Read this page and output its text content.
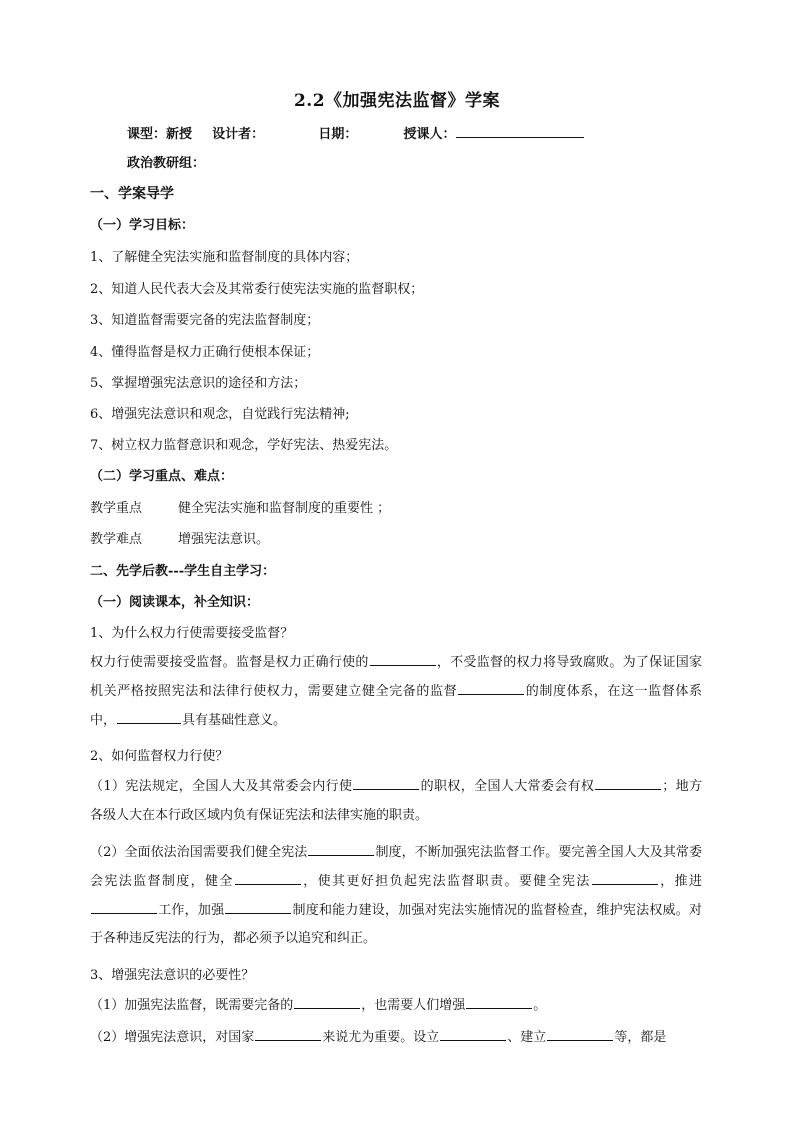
2.2《加强宪法监督》学案
课型：新授 设计者：	日期：	授课人：
政治教研组：
一、学案导学
（一）学习目标：
1、了解健全宪法实施和监督制度的具体内容；
2、知道人民代表大会及其常委行使宪法实施的监督职权；
3、知道监督需要完备的宪法监督制度；
4、懂得监督是权力正确行使根本保证；
5、掌握增强宪法意识的途径和方法；
6、增强宪法意识和观念，自觉践行宪法精神;
7、树立权力监督意识和观念，学好宪法、热爱宪法。
（二）学习重点、难点：
教学重点	健全宪法实施和监督制度的重要性 ；
教学难点	增强宪法意识。
二、先学后教---学生自主学习：
（一）阅读课本，补全知识：
1、为什么权力行使需要接受监督？
权力行使需要接受监督。监督是权力正确行使的	，不受监督的权力将导致腐败。为了保证国家机关严格按照宪法和法律行使权力，需要建立健全完备的监督	的制度体系，在这一监督体系中，	具有基础性意义。
2、如何监督权力行使？
（1）宪法规定，全国人大及其常委会内行使	的职权，全国人大常委会有权	；地方各级人大在本行政区域内负有保证宪法和法律实施的职责。
（2）全面依法治国需要我们健全宪法	制度，不断加强宪法监督工作。要完善全国人大及其常委会宪法监督制度，健全	，使其更好担负起宪法监督职责。要健全宪法	，推进工作，加强	制度和能力建设，加强对宪法实施情况的监督检查，维护宪法权威。对于各种违反宪法的行为，都必须予以追究和纠正。
3、增强宪法意识的必要性？
（1）加强宪法监督，既需要完备的	，也需要人们增强	。
（2）增强宪法意识，对国家	来说尤为重要。设立	、建立	等，都是
